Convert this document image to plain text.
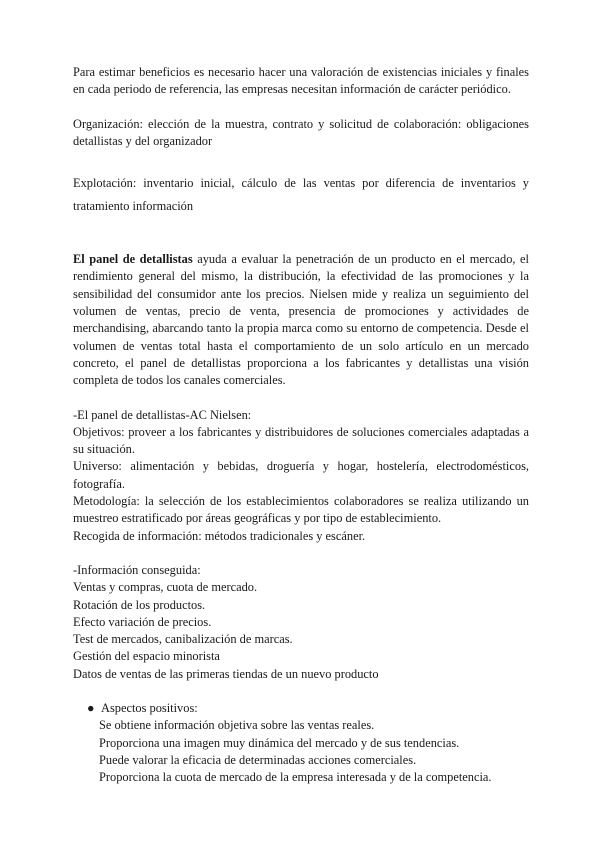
Para estimar beneficios es necesario hacer una valoración de existencias iniciales y finales en cada periodo de referencia, las empresas necesitan información de carácter periódico.

Organización: elección de la muestra, contrato y solicitud de colaboración: obligaciones detallistas y del organizador

Explotación: inventario inicial, cálculo de las ventas por diferencia de inventarios y tratamiento información

El panel de detallistas ayuda a evaluar la penetración de un producto en el mercado, el rendimiento general del mismo, la distribución, la efectividad de las promociones y la sensibilidad del consumidor ante los precios. Nielsen mide y realiza un seguimiento del volumen de ventas, precio de venta, presencia de promociones y actividades de merchandising, abarcando tanto la propia marca como su entorno de competencia. Desde el volumen de ventas total hasta el comportamiento de un solo artículo en un mercado concreto, el panel de detallistas proporciona a los fabricantes y detallistas una visión completa de todos los canales comerciales.

-El panel de detallistas-AC Nielsen:

Objetivos: proveer a los fabricantes y distribuidores de soluciones comerciales adaptadas a su situación.

Universo: alimentación y bebidas, droguería y hogar, hostelería, electrodomésticos, fotografía.

Metodología: la selección de los establecimientos colaboradores se realiza utilizando un muestreo estratificado por áreas geográficas y por tipo de establecimiento.

Recogida de información: métodos tradicionales y escáner.
-Información conseguida:
Ventas y compras, cuota de mercado.
Rotación de los productos.
Efecto variación de precios.
Test de mercados, canibalización de marcas.
Gestión del espacio minorista
Datos de ventas de las primeras tiendas de un nuevo producto
● Aspectos positivos:
Se obtiene información objetiva sobre las ventas reales.
Proporciona una imagen muy dinámica del mercado y de sus tendencias.
Puede valorar la eficacia de determinadas acciones comerciales.
Proporciona la cuota de mercado de la empresa interesada y de la competencia.
